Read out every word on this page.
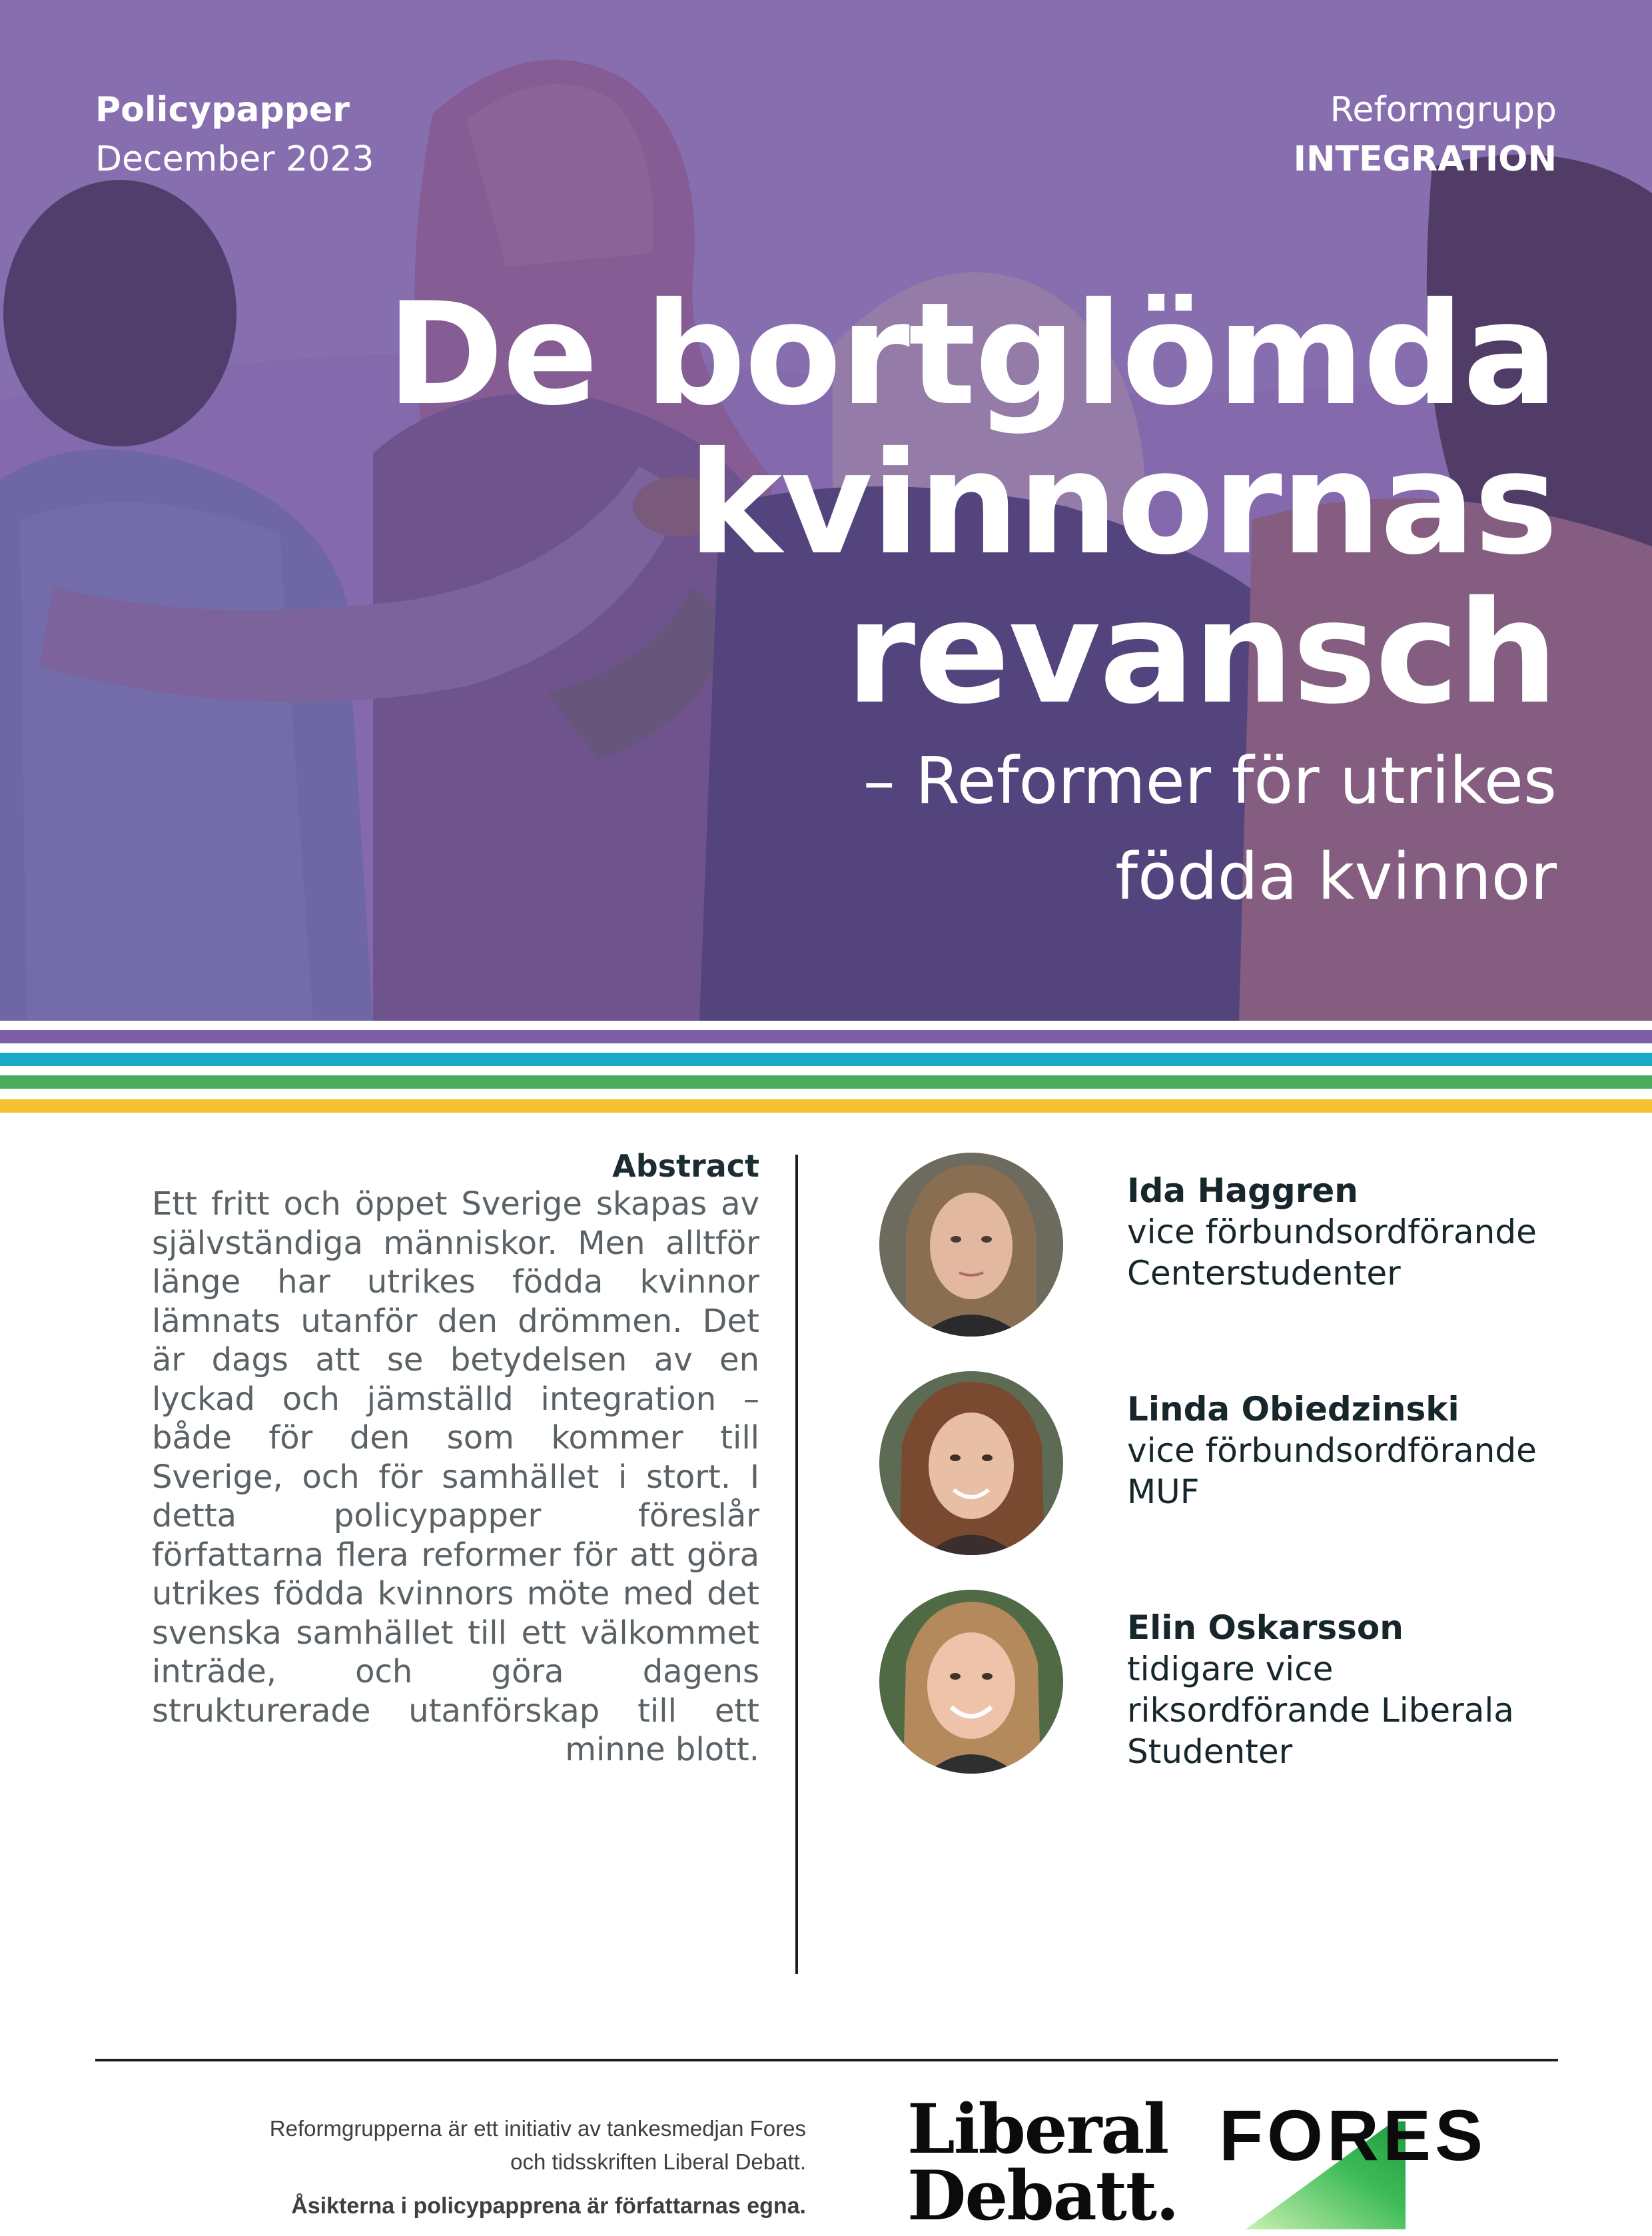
Policypapper
December 2023
Reformgrupp
INTEGRATION
De bortglömda
kvinnornas
revansch
– Reformer för utrikes
födda kvinnor
Abstract
Ett fritt och öppet Sverige skapas av självständiga människor. Men alltför länge har utrikes födda kvinnor lämnats utanför den drömmen. Det är dags att se betydelsen av en lyckad och jämställd integration – både för den som kommer till Sverige, och för samhället i stort. I detta policypapper föreslår författarna flera reformer för att göra utrikes födda kvinnors möte med det svenska samhället till ett välkommet inträde, och göra dagens strukturerade utanförskap till ett minne blott.
Ida Haggren
vice förbundsordförande
Centerstudenter
Linda Obiedzinski
vice förbundsordförande
MUF
Elin Oskarsson
tidigare vice
riksordförande Liberala
Studenter
Reformgrupperna är ett initiativ av tankesmedjan Fores
och tidsskriften Liberal Debatt.
Åsikterna i policypapprena är författarnas egna.
Liberal
Debatt.
FORES
